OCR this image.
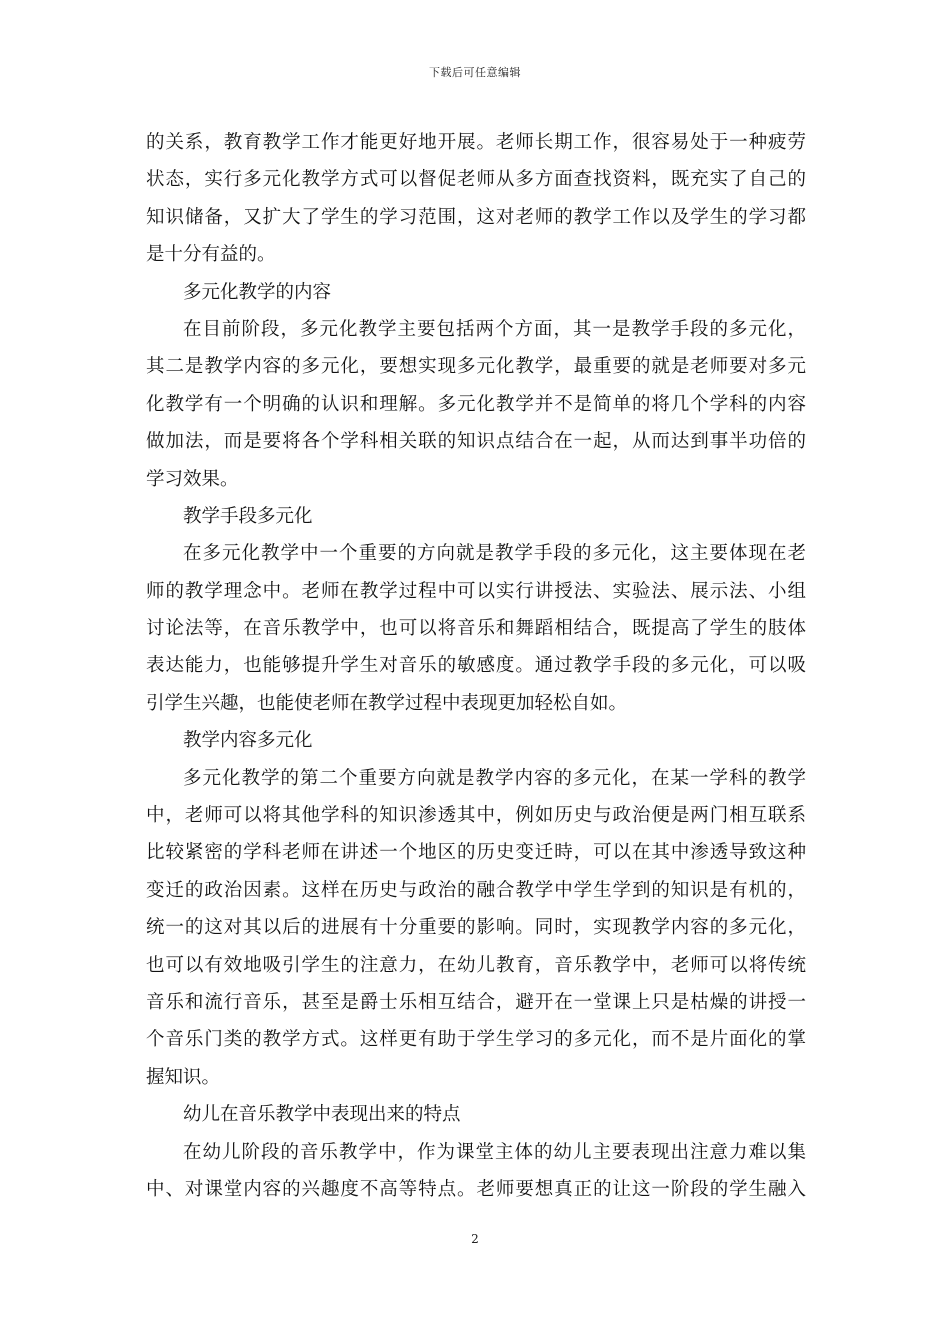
下载后可任意编辑
的关系，教育教学工作才能更好地开展。老师长期工作，很容易处于一种疲劳
状态，实行多元化教学方式可以督促老师从多方面查找资料，既充实了自己的
知识储备，又扩大了学生的学习范围，这对老师的教学工作以及学生的学习都
是十分有益的。
多元化教学的内容
在目前阶段，多元化教学主要包括两个方面，其一是教学手段的多元化，
其二是教学内容的多元化，要想实现多元化教学，最重要的就是老师要对多元
化教学有一个明确的认识和理解。多元化教学并不是简单的将几个学科的内容
做加法，而是要将各个学科相关联的知识点结合在一起，从而达到事半功倍的
学习效果。
教学手段多元化
在多元化教学中一个重要的方向就是教学手段的多元化，这主要体现在老
师的教学理念中。老师在教学过程中可以实行讲授法、实验法、展示法、小组
讨论法等，在音乐教学中，也可以将音乐和舞蹈相结合，既提高了学生的肢体
表达能力，也能够提升学生对音乐的敏感度。通过教学手段的多元化，可以吸
引学生兴趣，也能使老师在教学过程中表现更加轻松自如。
教学内容多元化
多元化教学的第二个重要方向就是教学内容的多元化，在某一学科的教学
中，老师可以将其他学科的知识渗透其中，例如历史与政治便是两门相互联系
比较紧密的学科老师在讲述一个地区的历史变迁時，可以在其中渗透导致这种
变迁的政治因素。这样在历史与政治的融合教学中学生学到的知识是有机的，
统一的这对其以后的进展有十分重要的影响。同时，实现教学内容的多元化，
也可以有效地吸引学生的注意力，在幼儿教育，音乐教学中，老师可以将传统
音乐和流行音乐，甚至是爵士乐相互结合，避开在一堂课上只是枯燥的讲授一
个音乐门类的教学方式。这样更有助于学生学习的多元化，而不是片面化的掌
握知识。
幼儿在音乐教学中表现出来的特点
在幼儿阶段的音乐教学中，作为课堂主体的幼儿主要表现出注意力难以集
中、对课堂内容的兴趣度不高等特点。老师要想真正的让这一阶段的学生融入
2
